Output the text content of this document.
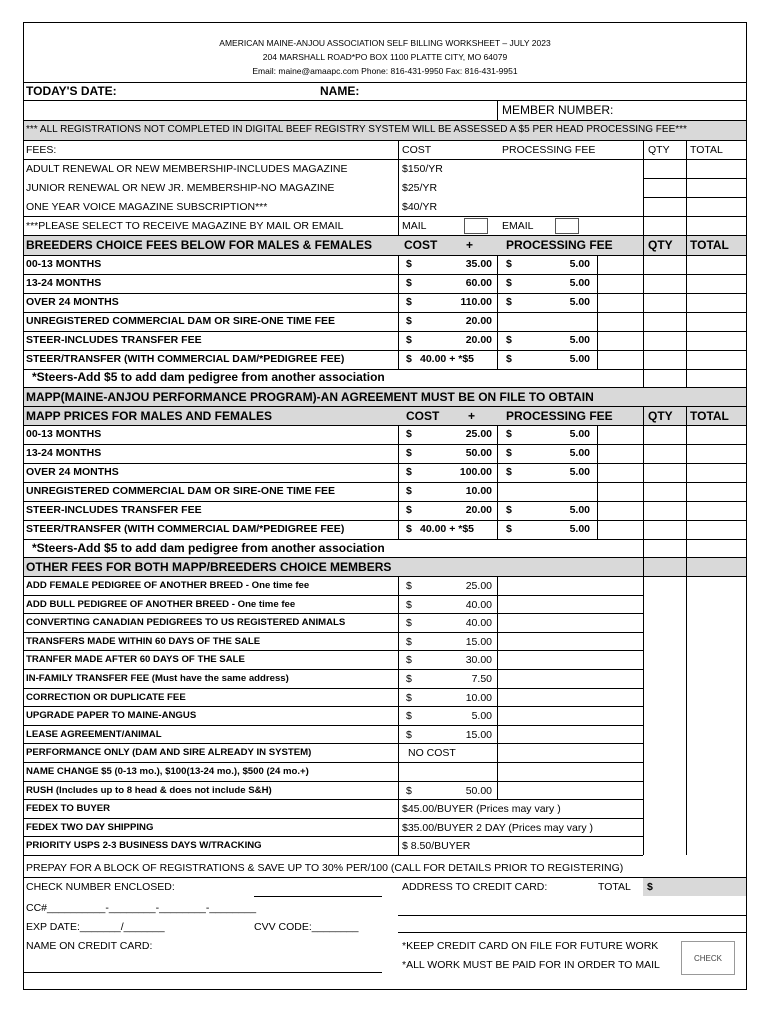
AMERICAN MAINE-ANJOU ASSOCIATION SELF BILLING WORKSHEET – JULY 2023
204 MARSHALL ROAD*PO BOX 1100 PLATTE CITY, MO 64079
Email: maine@amaapc.com Phone: 816-431-9950 Fax: 816-431-9951
TODAY'S DATE:	NAME:
MEMBER NUMBER:
*** ALL REGISTRATIONS NOT COMPLETED IN DIGITAL BEEF REGISTRY SYSTEM WILL BE ASSESSED A $5 PER HEAD PROCESSING FEE***
FEES:	COST	PROCESSING FEE	QTY TOTAL
ADULT RENEWAL OR NEW MEMBERSHIP-INCLUDES MAGAZINE	$150/YR
JUNIOR RENEWAL OR NEW JR. MEMBERSHIP-NO MAGAZINE	$25/YR
ONE YEAR VOICE MAGAZINE SUBSCRIPTION***	$40/YR
***PLEASE SELECT TO RECEIVE MAGAZINE BY MAIL OR EMAIL	MAIL	EMAIL
BREEDERS CHOICE FEES BELOW FOR MALES & FEMALES	COST +	PROCESSING FEE	QTY TOTAL
00-13 MONTHS	$	35.00 $	5.00
13-24 MONTHS	$	60.00 $	5.00
OVER 24 MONTHS	$	110.00 $	5.00
UNREGISTERED COMMERCIAL DAM OR SIRE-ONE TIME FEE	$	20.00
STEER-INCLUDES TRANSFER FEE	$	20.00 $	5.00
STEER/TRANSFER (WITH COMMERCIAL DAM/*PEDIGREE FEE)	$ 40.00 + *$5	$	5.00
*Steers-Add $5 to add dam pedigree from another association
MAPP(MAINE-ANJOU PERFORMANCE PROGRAM)-AN AGREEMENT MUST BE ON FILE TO OBTAIN
MAPP PRICES FOR MALES AND FEMALES	COST +	PROCESSING FEE	QTY TOTAL
00-13 MONTHS	$	25.00 $	5.00
13-24 MONTHS	$	50.00 $	5.00
OVER 24 MONTHS	$	100.00 $	5.00
UNREGISTERED COMMERCIAL DAM OR SIRE-ONE TIME FEE	$	10.00
STEER-INCLUDES TRANSFER FEE	$	20.00 $	5.00
STEER/TRANSFER (WITH COMMERCIAL DAM/*PEDIGREE FEE)	$ 40.00 + *$5	$	5.00
*Steers-Add $5 to add dam pedigree from another association
OTHER FEES FOR BOTH MAPP/BREEDERS CHOICE MEMBERS
ADD FEMALE PEDIGREE OF ANOTHER BREED - One time fee	$	25.00
ADD BULL PEDIGREE OF ANOTHER BREED - One time fee	$	40.00
CONVERTING CANADIAN PEDIGREES TO US REGISTERED ANIMALS	$	40.00
TRANSFERS MADE WITHIN 60 DAYS OF THE SALE	$	15.00
TRANFER MADE AFTER 60 DAYS OF THE SALE	$	30.00
IN-FAMILY TRANSFER FEE (Must have the same address)	$	7.50
CORRECTION OR DUPLICATE FEE	$	10.00
UPGRADE PAPER TO MAINE-ANGUS	$	5.00
LEASE AGREEMENT/ANIMAL	$	15.00
PERFORMANCE ONLY (DAM AND SIRE ALREADY IN SYSTEM)	NO COST
NAME CHANGE $5 (0-13 mo.), $100(13-24 mo.), $500 (24 mo.+)
RUSH (Includes up to 8 head & does not include S&H)	$	50.00
FEDEX TO BUYER	$45.00/BUYER (Prices may vary )
FEDEX TWO DAY SHIPPING	$35.00/BUYER 2 DAY (Prices may vary )
PRIORITY USPS 2-3 BUSINESS DAYS W/TRACKING	$ 8.50/BUYER
PREPAY FOR A BLOCK OF REGISTRATIONS & SAVE UP TO 30% PER/100 (CALL FOR DETAILS PRIOR TO REGISTERING)
CHECK NUMBER ENCLOSED:	ADDRESS TO CREDIT CARD:	TOTAL $
CC#__________-________-________-________
EXP DATE:_______/_______	CVV CODE:________
NAME ON CREDIT CARD:	*KEEP CREDIT CARD ON FILE FOR FUTURE WORK
*ALL WORK MUST BE PAID FOR IN ORDER TO MAIL
CHECK
